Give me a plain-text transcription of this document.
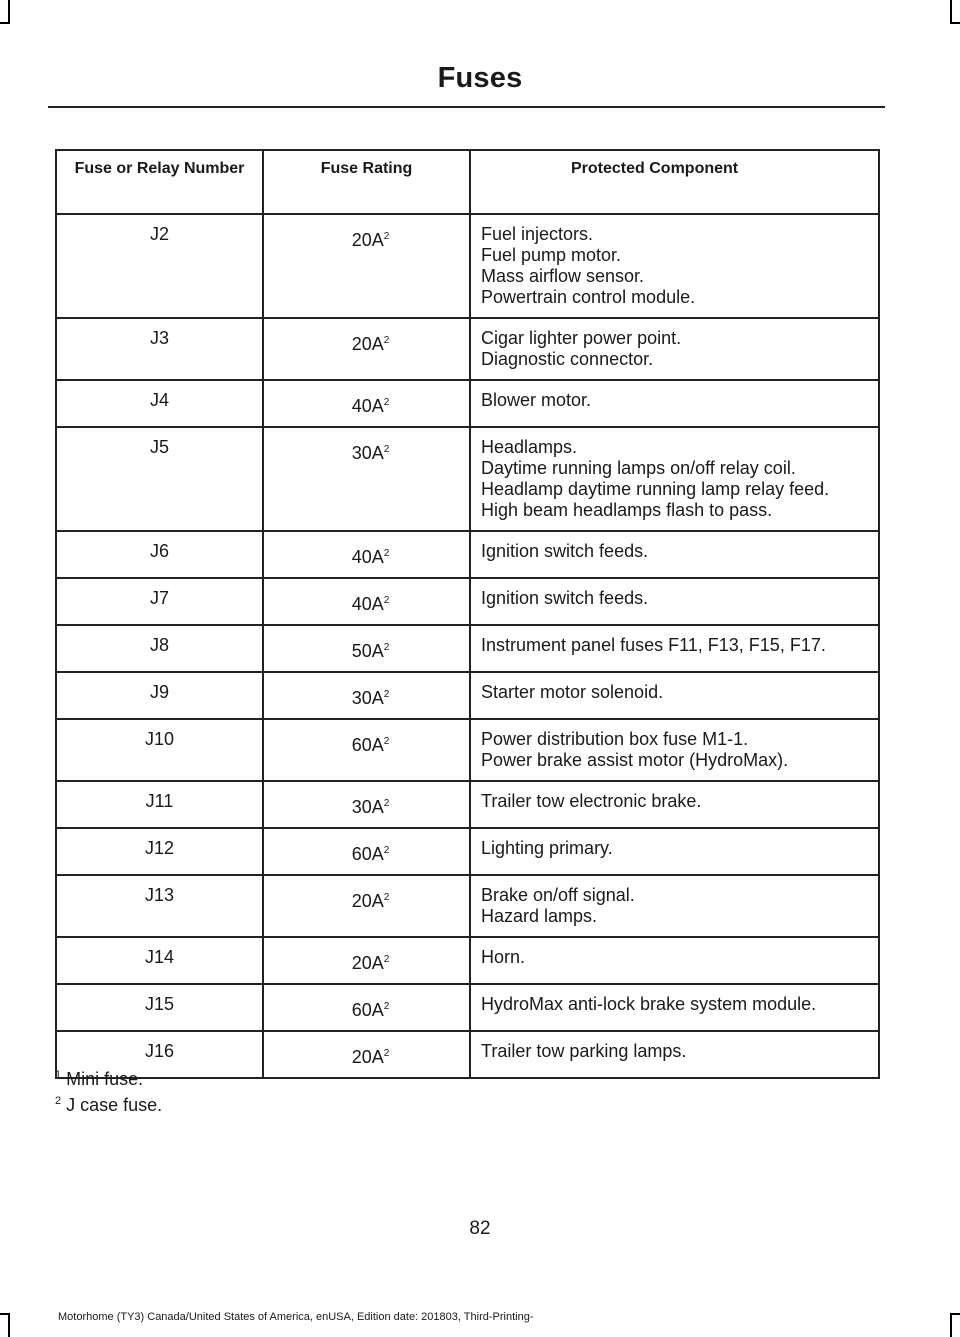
Fuses
Fuse or Relay Number	Fuse Rating	Protected Component
J2	$20A^2$	Fuel injectors.
Fuel pump motor.
Mass airflow sensor.
Powertrain control module.

J3	$20A^2$	Cigar lighter power point.
Diagnostic connector.

J4	$40A^2$	Blower motor.

J5	$30A^2$	Headlamps.
Daytime running lamps on/off relay coil.
Headlamp daytime running lamp relay feed.
High beam headlamps flash to pass.

J6	$40A^2$	Ignition switch feeds.

J7	$40A^2$	Ignition switch feeds.

J8	$50A^2$	Instrument panel fuses F11, F13, F15, F17.

J9	$30A^2$	Starter motor solenoid.

J10	$60A^2$	Power distribution box fuse M1-1.
Power brake assist motor (HydroMax).

J11	$30A^2$	Trailer tow electronic brake.

J12	$60A^2$	Lighting primary.

J13	$20A^2$	Brake on/off signal.
Hazard lamps.

J14	$20A^2$	Horn.

J15	$60A^2$	HydroMax anti-lock brake system module.

J16	$20A^2$	Trailer tow parking lamps.
$^1$ Mini fuse.
$^2$ J case fuse.
82
Motorhome (TY3) Canada/United States of America, enUSA, Edition date: 201803, Third-Printing-
